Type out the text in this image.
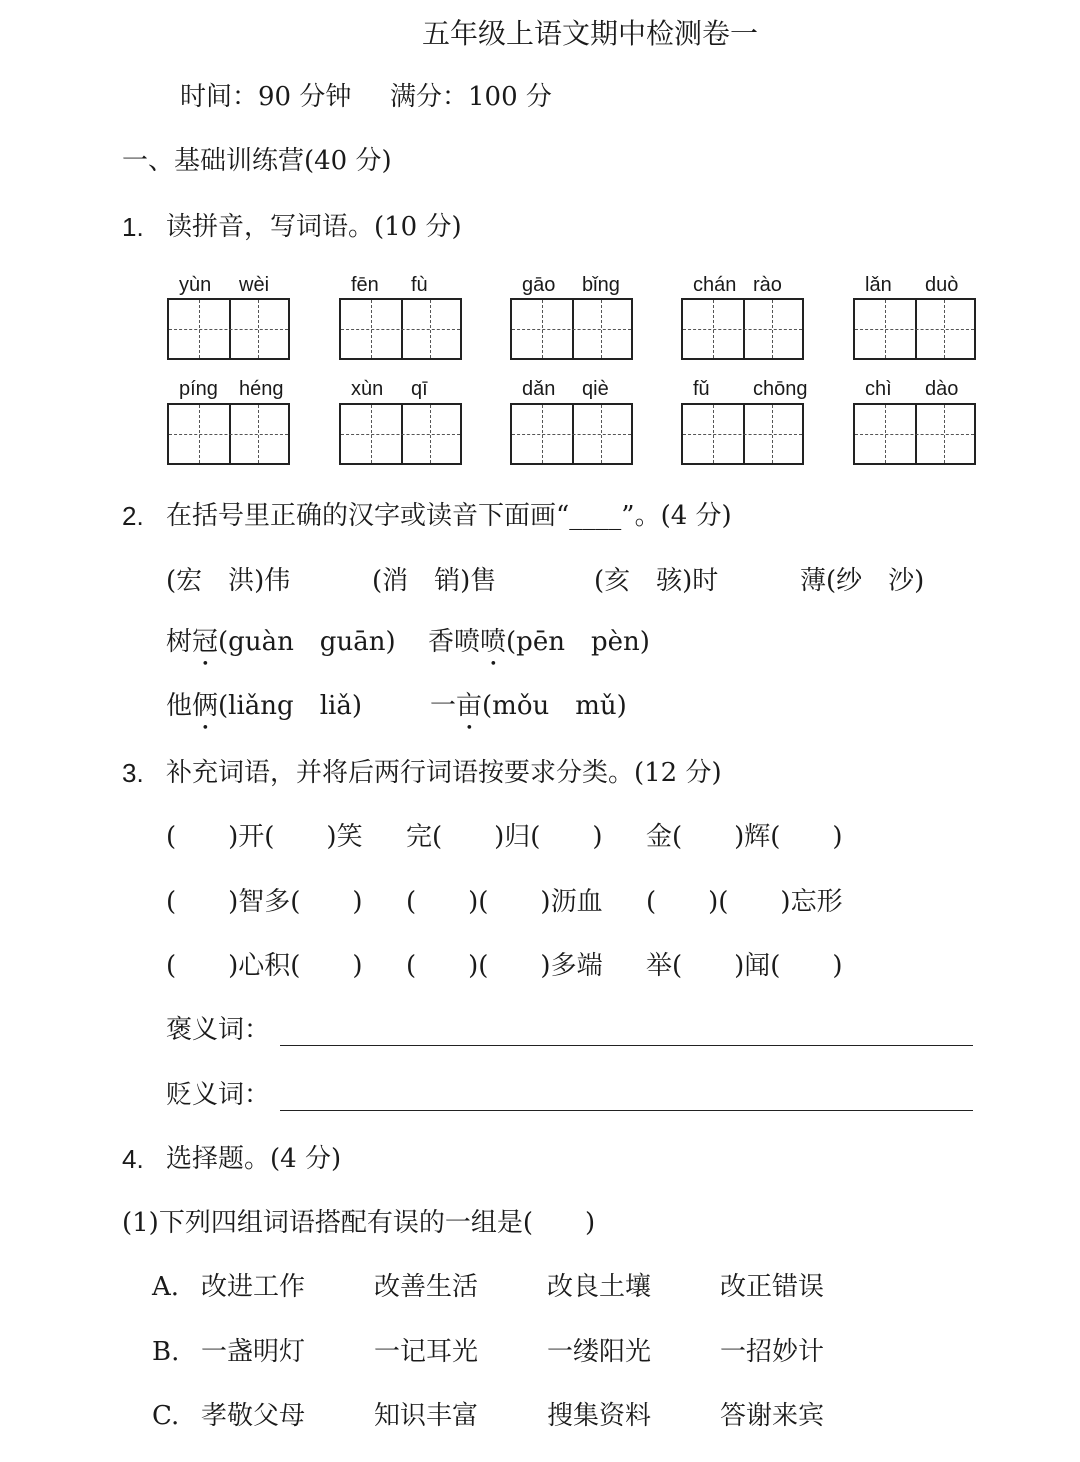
五年级上语文期中检测卷一
时间：90 分钟 满分：100 分
一、基础训练营(40 分)
1. 读拼音，写词语。(10 分)
yùn wèi	fēn fù	gāo bǐng	chán rào	lǎn duò
píng héng	xùn qī	dǎn qiè	fǔ chōng	chì dào
2. 在括号里正确的汉字或读音下面画“____”。(4 分)
(宏　洪)伟	(消　销)售	(亥　骇)时	薄(纱　沙)
树冠(guàn　guān) 香喷喷(pēn　pèn)
他俩(liǎng　liǎ)	一亩(mǒu　mǔ)
3. 补充词语，并将后两行词语按要求分类。(12 分)
(　　)开(　　)笑 完(　　)归(　　) 金(　　)辉(　　)
(　　)智多(　　) (　　)(　　)沥血 (　　)(　　)忘形
(　　)心积(　　) (　　)(　　)多端 举(　　)闻(　　)
褒义词：
贬义词：
4. 选择题。(4 分)
(1)下列四组词语搭配有误的一组是(　　)
A. 改进工作	改善生活	改良土壤	改正错误
B. 一盏明灯	一记耳光	一缕阳光	一招妙计
C. 孝敬父母	知识丰富	搜集资料	答谢来宾
